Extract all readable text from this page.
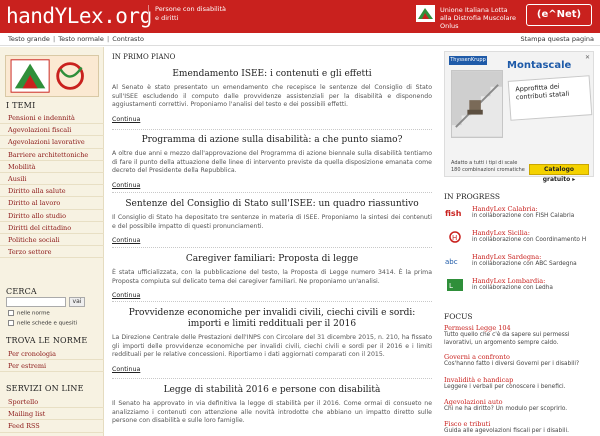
handYLex.org Persone con disabilità e diritti
Unione Italiana Lotta alla Distrofia Muscolare Onlus
(e^Net)
Testo grande | Testo normale | Contrasto	Stampa questa pagina
I TEMI
Pensioni e indennità
Agevolazioni fiscali
Agevolazioni lavorative
Barriere architettoniche
Mobilità
Ausili
Diritto alla salute
Diritto al lavoro
Diritto allo studio
Diritti del cittadino
Politiche sociali
Terzo settore
CERCA
vai
nelle norme
nelle schede e quesiti
TROVA LE NORME
Per cronologia
Per estremi
SERVIZI ON LINE
Sportello
Mailing list
Feed RSS
IN PRIMO PIANO
Emendamento ISEE: i contenuti e gli effetti
Al Senato è stato presentato un emendamento che recepisce le sentenze del Consiglio di Stato sull'ISEE escludendo il computo dalle provvidenze assistenziali per la disabilità e disponendo aggiustamenti correttivi. Proponiamo l'analisi del testo e dei possibili effetti.
Continua
Programma di azione sulla disabilità: a che punto siamo?
A oltre due anni e mezzo dall'approvazione del Programma di azione biennale sulla disabilità tentiamo di fare il punto della attuazione delle linee di intervento previste da quella disposizione emanata come decreto del Presidente della Repubblica.
Continua
Sentenze del Consiglio di Stato sull'ISEE: un quadro riassuntivo
Il Consiglio di Stato ha depositato tre sentenze in materia di ISEE. Proponiamo la sintesi dei contenuti e del possibile impatto di questi pronunciamenti.
Continua
Caregiver familiari: Proposta di legge
È stata ufficializzata, con la pubblicazione del testo, la Proposta di Legge numero 3414. È la prima Proposta compiuta sul delicato tema dei caregiver familiari. Ne proponiamo un'analisi.
Continua
Provvidenze economiche per invalidi civili, ciechi civili e sordi: importi e limiti reddituali per il 2016
La Direzione Centrale delle Prestazioni dell'INPS con Circolare del 31 dicembre 2015, n. 210, ha fissato gli importi delle provvidenze economiche per invalidi civili, ciechi civili e sordi per il 2016 e i limiti reddituali per le relative concessioni. Riportiamo i dati aggiornati comparati con il 2015.
Continua
Legge di stabilità 2016 e persone con disabilità
Il Senato ha approvato in via definitiva la legge di stabilità per il 2016. Come ormai di consueto ne analizziamo i contenuti con attenzione alle novità introdotte che abbiano un impatto diretto sulle persone con disabilità e sulle loro famiglie.
✕
ThyssenKrupp Montascale
Approfitta dei contributi statali
Adatto a tutti i tipi di scale
180 combinazioni cromatiche	Catalogo gratuito ▸
IN PROGRESS
fish HandyLex Calabria:
in collaborazione con FISH Calabria
H
HandyLex Sicilia:
in collaborazione con Coordinamento H
abc
HandyLex Sardegna:
in collaborazione con ABC Sardegna
L
HandyLex Lombardia:
in collaborazione con Ledha
FOCUS
Permessi Legge 104
Tutto quello che c'è da sapere sui permessi lavorativi, un argomento sempre caldo.
Governi a confronto
Cos'hanno fatto i diversi Governi per i disabili?
Invalidità e handicap
Leggere i verbali per conoscere i benefici.
Agevolazioni auto
Chi ne ha diritto? Un modulo per scoprirlo.
Fisco e tributi
Guida alle agevolazioni fiscali per i disabili.
